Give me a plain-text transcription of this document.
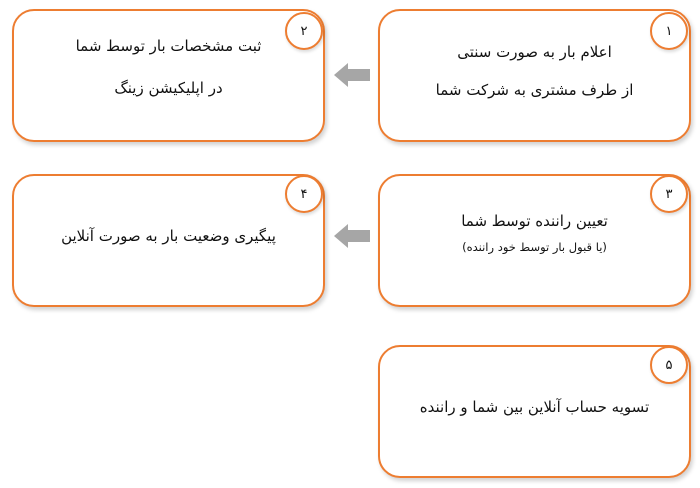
اعلام بار به صورت سنتی
از طرف مشتری به شرکت شما
۱
ثبت مشخصات بار توسط شما
در اپلیکیشن زینگ
۲
تعیین راننده توسط شما
(یا قبول بار توسط خود راننده)
۳
پیگیری وضعیت بار به صورت آنلاین
۴
تسویه حساب آنلاین بین شما و راننده
۵
